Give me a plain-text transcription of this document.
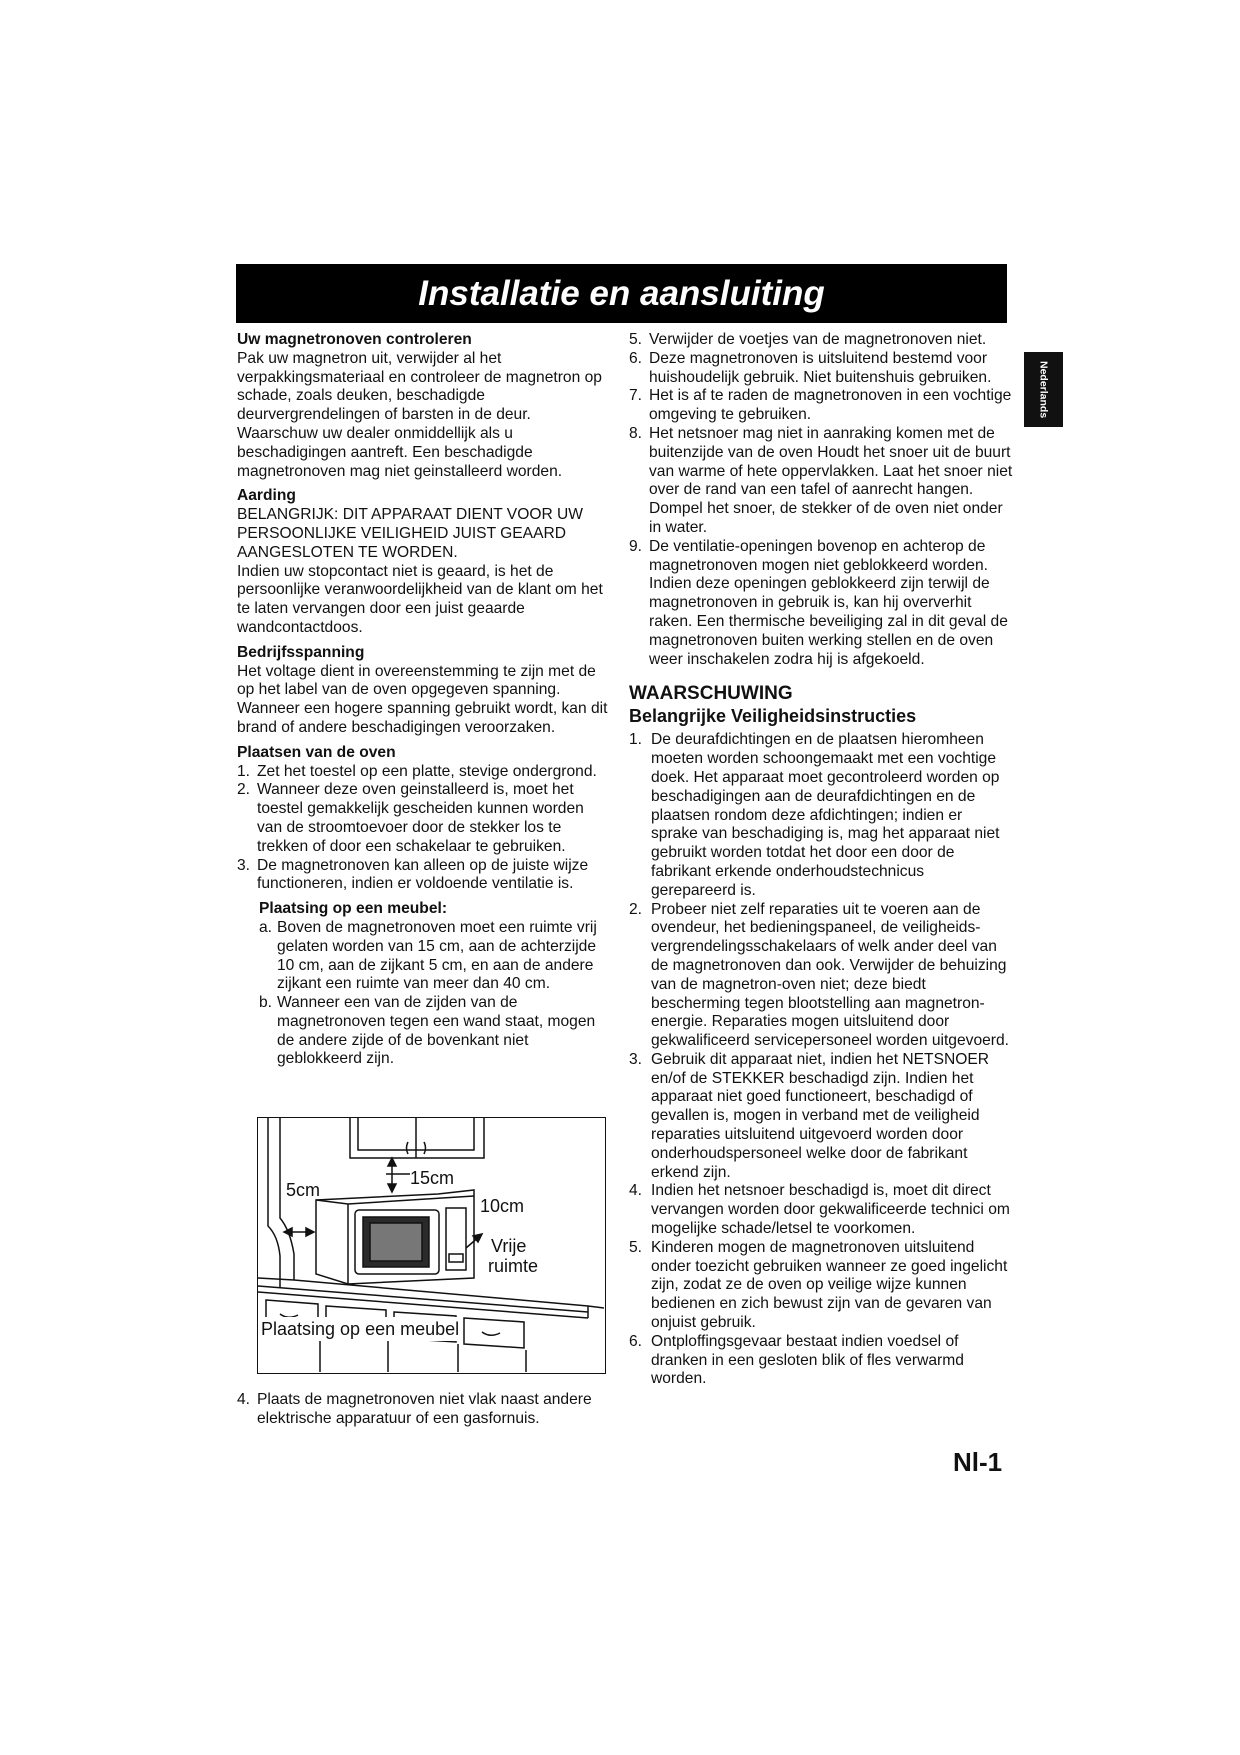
Installatie en aansluiting
Nederlands

Uw magnetronoven controleren

Pak uw magnetron uit, verwijder al het verpakkingsmateriaal en controleer de magnetron op schade, zoals deuken, beschadigde deurvergrendelingen of barsten in de deur. Waarschuw uw dealer onmiddellijk als u beschadigingen aantreft. Een beschadigde magnetronoven mag niet geinstalleerd worden.

Aarding

BELANGRIJK: DIT APPARAAT DIENT VOOR UW PERSOONLIJKE VEILIGHEID JUIST GEAARD AANGESLOTEN TE WORDEN.

Indien uw stopcontact niet is geaard, is het de persoonlijke veranwoordelijkheid van de klant om het te laten vervangen door een juist geaarde wandcontactdoos.

Bedrijfsspanning

Het voltage dient in overeenstemming te zijn met de op het label van de oven opgegeven spanning. Wanneer een hogere spanning gebruikt wordt, kan dit brand of andere beschadigingen veroorzaken.

Plaatsen van de oven

1. Zet het toestel op een platte, stevige ondergrond.
2. Wanneer deze oven geinstalleerd is, moet het toestel gemakkelijk gescheiden kunnen worden van de stroomtoevoer door de stekker los te trekken of door een schakelaar te gebruiken.
3. De magnetronoven kan alleen op de juiste wijze functioneren, indien er voldoende ventilatie is.

Plaatsing op een meubel:

a. Boven de magnetronoven moet een ruimte vrij gelaten worden van 15 cm, aan de achterzijde 10 cm, aan de zijkant 5 cm, en aan de andere zijkant een ruimte van meer dan 40 cm.
b. Wanneer een van de zijden van de magnetronoven tegen een wand staat, mogen de andere zijde of de bovenkant niet geblokkeerd zijn.
15cm
5cm
10cm
Vrije
ruimte
Plaatsing op een meubel
4. Plaats de magnetronoven niet vlak naast andere elektrische apparatuur of een gasfornuis.
5. Verwijder de voetjes van de magnetronoven niet.
6. Deze magnetronoven is uitsluitend bestemd voor huishoudelijk gebruik. Niet buitenshuis gebruiken.
7. Het is af te raden de magnetronoven in een vochtige omgeving te gebruiken.
8. Het netsnoer mag niet in aanraking komen met de buitenzijde van de oven Houdt het snoer uit de buurt van warme of hete oppervlakken. Laat het snoer niet over de rand van een tafel of aanrecht hangen. Dompel het snoer, de stekker of de oven niet onder in water.
9. De ventilatie-openingen bovenop en achterop de magnetronoven mogen niet geblokkeerd worden. Indien deze openingen geblokkeerd zijn terwijl de magnetronoven in gebruik is, kan hij oververhit raken. Een thermische beveiliging zal in dit geval de magnetronoven buiten werking stellen en de oven weer inschakelen zodra hij is afgekoeld.

WAARSCHUWING

Belangrijke Veiligheidsinstructies

1. De deurafdichtingen en de plaatsen hieromheen moeten worden schoongemaakt met een vochtige doek. Het apparaat moet gecontroleerd worden op beschadigingen aan de deurafdichtingen en de plaatsen rondom deze afdichtingen; indien er sprake van beschadiging is, mag het apparaat niet gebruikt worden totdat het door een door de fabrikant erkende onderhoudstechnicus gerepareerd is.
2. Probeer niet zelf reparaties uit te voeren aan de ovendeur, het bedieningspaneel, de veiligheids-vergrendelingsschakelaars of welk ander deel van de magnetronoven dan ook. Verwijder de behuizing van de magnetron-oven niet; deze biedt bescherming tegen blootstelling aan magnetron-energie. Reparaties mogen uitsluitend door gekwalificeerd servicepersoneel worden uitgevoerd.
3. Gebruik dit apparaat niet, indien het NETSNOER en/of de STEKKER beschadigd zijn. Indien het apparaat niet goed functioneert, beschadigd of gevallen is, mogen in verband met de veiligheid reparaties uitsluitend uitgevoerd worden door onderhoudspersoneel welke door de fabrikant erkend zijn.
4. Indien het netsnoer beschadigd is, moet dit direct vervangen worden door gekwalificeerde technici om mogelijke schade/letsel te voorkomen.
5. Kinderen mogen de magnetronoven uitsluitend onder toezicht gebruiken wanneer ze goed ingelicht zijn, zodat ze de oven op veilige wijze kunnen bedienen en zich bewust zijn van de gevaren van onjuist gebruik.
6. Ontploffingsgevaar bestaat indien voedsel of dranken in een gesloten blik of fles verwarmd worden.
Nl-1
